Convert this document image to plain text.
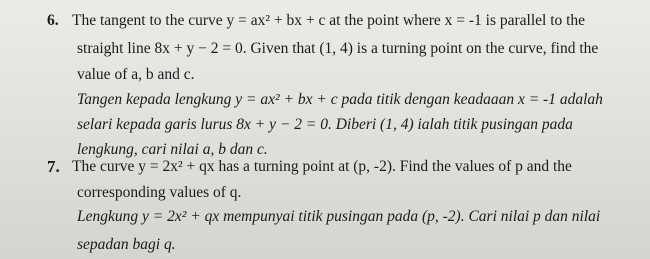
6. The tangent to the curve y = ax² + bx + c at the point where x = -1 is parallel to the
straight line 8x + y − 2 = 0. Given that (1, 4) is a turning point on the curve, find the
value of a, b and c.
Tangen kepada lengkung y = ax² + bx + c pada titik dengan keadaaan x = -1 adalah
selari kepada garis lurus 8x + y − 2 = 0. Diberi (1, 4) ialah titik pusingan pada
lengkung, cari nilai a, b dan c.
7. The curve y = 2x² + qx has a turning point at (p, -2). Find the values of p and the
corresponding values of q.
Lengkung y = 2x² + qx mempunyai titik pusingan pada (p, -2). Cari nilai p dan nilai
sepadan bagi q.
